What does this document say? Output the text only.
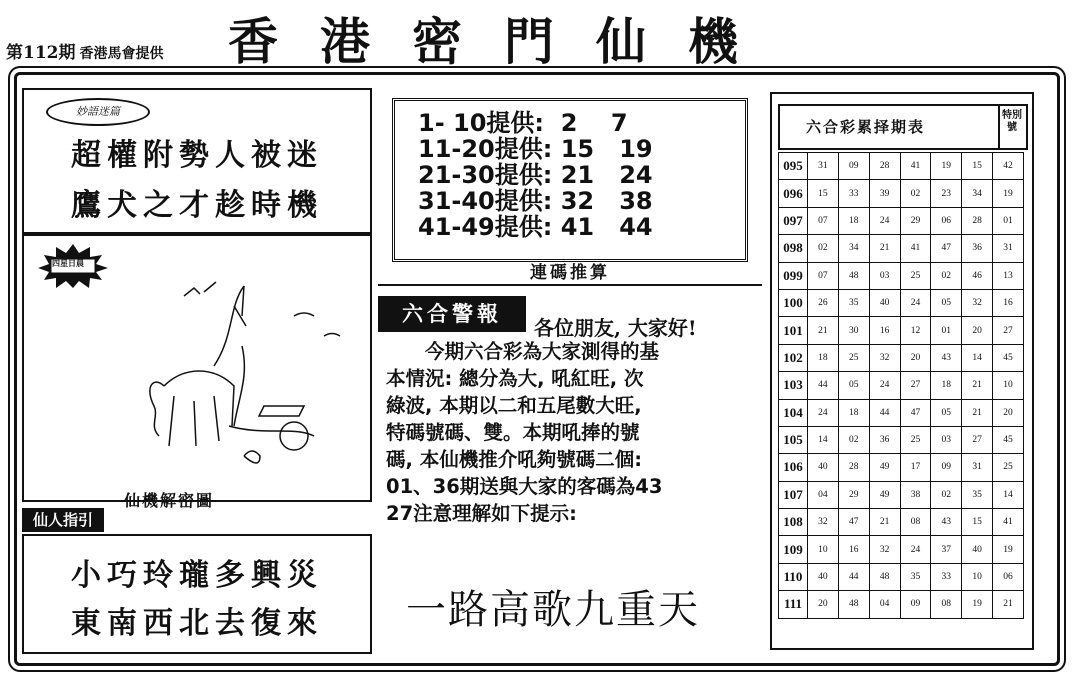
第112期 香港馬會提供 香港密門仙機
妙語迷篇
超權附勢人被迷
鷹犬之才趁時機
四星日晨
仙機解密圖
仙人指引
小巧玲瓏多興災
東南西北去復來
1- 10提供:  2 7
11-20提供: 15 19
21-30提供: 21 24
31-40提供: 32 38
41-49提供: 41 44
連碼推算
六合警報
各位朋友, 大家好!
　　今期六合彩為大家測得的基
本情況: 總分為大, 吼紅旺, 次
綠波, 本期以二和五尾數大旺,
特碼號碼、雙。本期吼捧的號
碼, 本仙機推介吼夠號碼二個:
01、36期送與大家的客碼為43
27注意理解如下提示:
一路高歌九重天
六合彩累择期表
特別號
095	31	09	28	41	19	15	42
096	15	33	39	02	23	34	19
097	07	18	24	29	06	28	01
098	02	34	21	41	47	36	31
099	07	48	03	25	02	46	13
100	26	35	40	24	05	32	16
101	21	30	16	12	01	20	27
102	18	25	32	20	43	14	45
103	44	05	24	27	18	21	10
104	24	18	44	47	05	21	20
105	14	02	36	25	03	27	45
106	40	28	49	17	09	31	25
107	04	29	49	38	02	35	14
108	32	47	21	08	43	15	41
109	10	16	32	24	37	40	19
110	40	44	48	35	33	10	06
111	20	48	04	09	08	19	21
